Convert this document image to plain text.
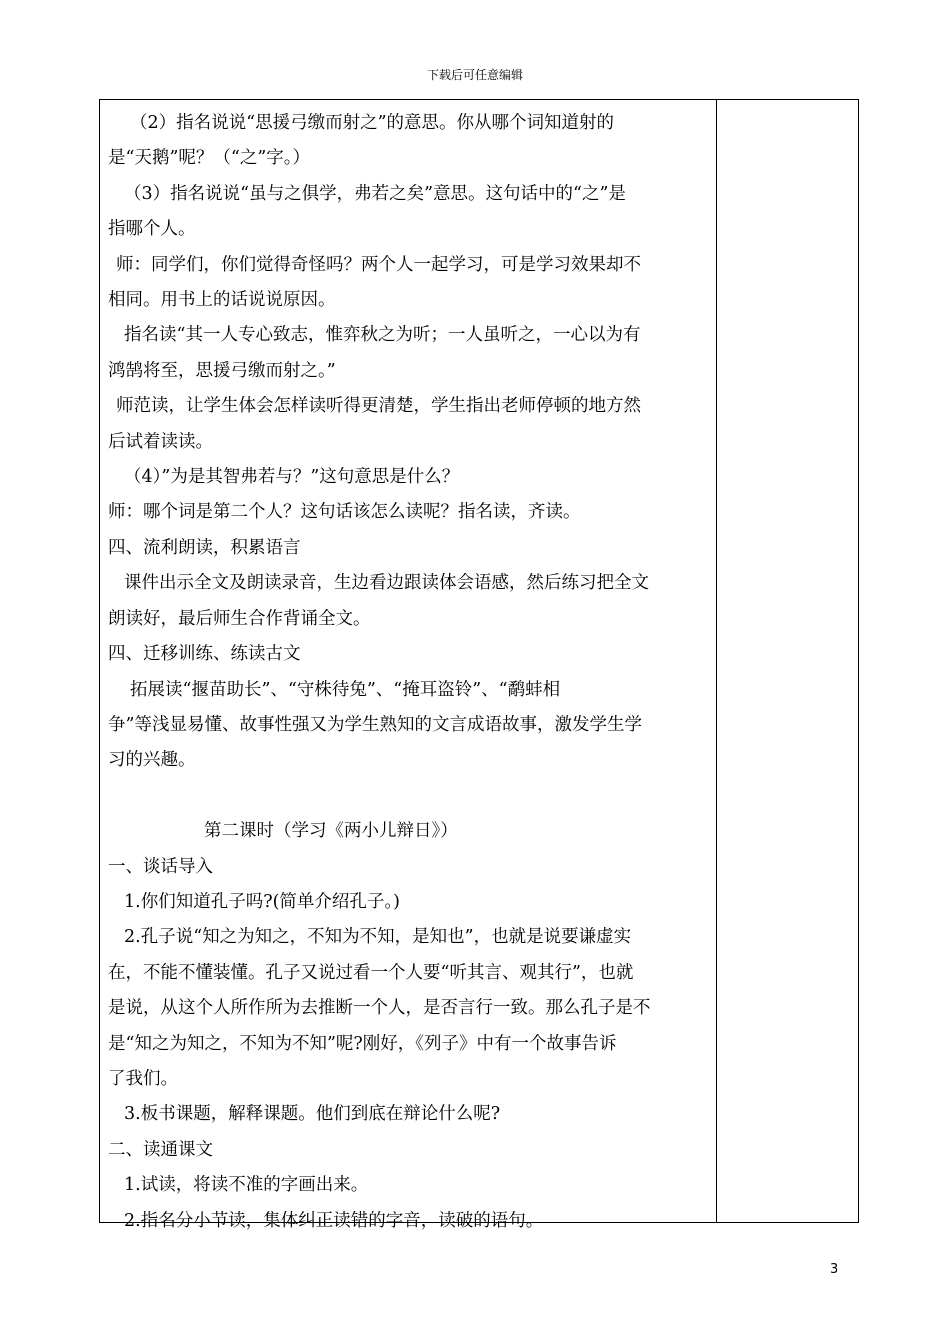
下载后可任意编辑

（2）指名说说“思援弓缴而射之”的意思。你从哪个词知道射的

是“天鹅”呢？（“之”字。）

（3）指名说说“虽与之俱学，弗若之矣”意思。这句话中的“之”是

指哪个人。

师：同学们，你们觉得奇怪吗？两个人一起学习，可是学习效果却不

相同。用书上的话说说原因。

指名读“其一人专心致志，惟弈秋之为听；一人虽听之，一心以为有

鸿鹄将至，思援弓缴而射之。”

师范读，让学生体会怎样读听得更清楚，学生指出老师停顿的地方然

后试着读读。

（4）”为是其智弗若与？”这句意思是什么？

师：哪个词是第二个人？这句话该怎么读呢？指名读，齐读。

四、流利朗读，积累语言

课件出示全文及朗读录音，生边看边跟读体会语感，然后练习把全文

朗读好，最后师生合作背诵全文。

四、迁移训练、练读古文

拓展读“揠苗助长”、“守株待兔”、“掩耳盗铃”、“鹬蚌相

争”等浅显易懂、故事性强又为学生熟知的文言成语故事，激发学生学

习的兴趣。

第二课时（学习《两小儿辩日》）

一、谈话导入

1.你们知道孔子吗?(简单介绍孔子。)

2.孔子说“知之为知之，不知为不知，是知也”，也就是说要谦虚实

在，不能不懂装懂。孔子又说过看一个人要“听其言、观其行”，也就

是说，从这个人所作所为去推断一个人，是否言行一致。那么孔子是不

是“知之为知之，不知为不知”呢?刚好，《列子》中有一个故事告诉

了我们。

3.板书课题，解释课题。他们到底在辩论什么呢?

二、读通课文

1.试读，将读不准的字画出来。

2.指名分小节读，集体纠正读错的字音，读破的语句。

3
